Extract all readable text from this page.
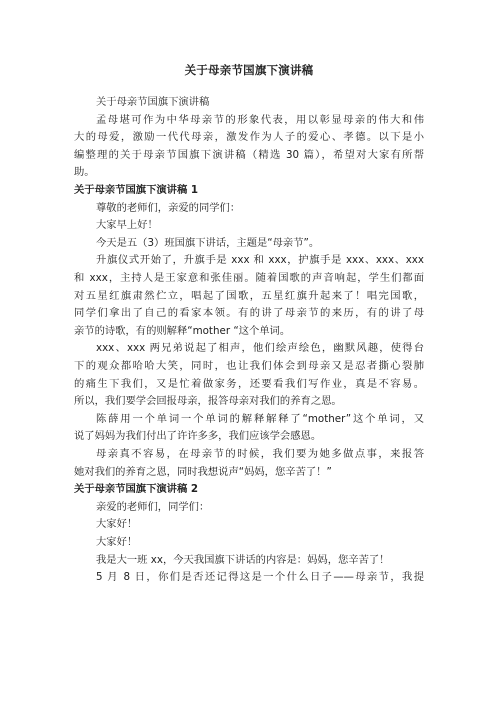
关于母亲节国旗下演讲稿
关于母亲节国旗下演讲稿
孟母堪可作为中华母亲节的形象代表，用以彰显母亲的伟大和伟
大的母爱，激励一代代母亲，激发作为人子的爱心、孝德。以下是小
编整理的关于母亲节国旗下演讲稿（精选 30 篇），希望对大家有所帮
助。
关于母亲节国旗下演讲稿 1
尊敬的老师们，亲爱的同学们：
大家早上好！
今天是五（3）班国旗下讲话，主题是“母亲节”。
升旗仪式开始了，升旗手是 xxx 和 xxx，护旗手是 xxx、xxx、xxx
和 xxx，主持人是王家意和张佳丽。随着国歌的声音响起，学生们都面
对五星红旗肃然伫立，唱起了国歌，五星红旗升起来了！唱完国歌，
同学们拿出了自己的看家本领。有的讲了母亲节的来历，有的讲了母
亲节的诗歌，有的则解释“mother “这个单词。
xxx、xxx 两兄弟说起了相声，他们绘声绘色，幽默风趣，使得台
下的观众都哈哈大笑，同时，也让我们体会到母亲又是忍者撕心裂肺
的痛生下我们，又是忙着做家务，还要看我们写作业，真是不容易。
所以，我们要学会回报母亲，报答母亲对我们的养育之恩。
陈薛用一个单词一个单词的解释解释了“mother”这个单词，又
说了妈妈为我们付出了许许多多，我们应该学会感恩。
母亲真不容易，在母亲节的时候，我们要为她多做点事，来报答
她对我们的养育之恩，同时我想说声“妈妈，您辛苦了！”
关于母亲节国旗下演讲稿 2
亲爱的老师们，同学们：
大家好！
大家好！
我是大一班 xx，今天我国旗下讲话的内容是：妈妈，您辛苦了！
5 月 8 日，你们是否还记得这是一个什么日子——母亲节，我提
